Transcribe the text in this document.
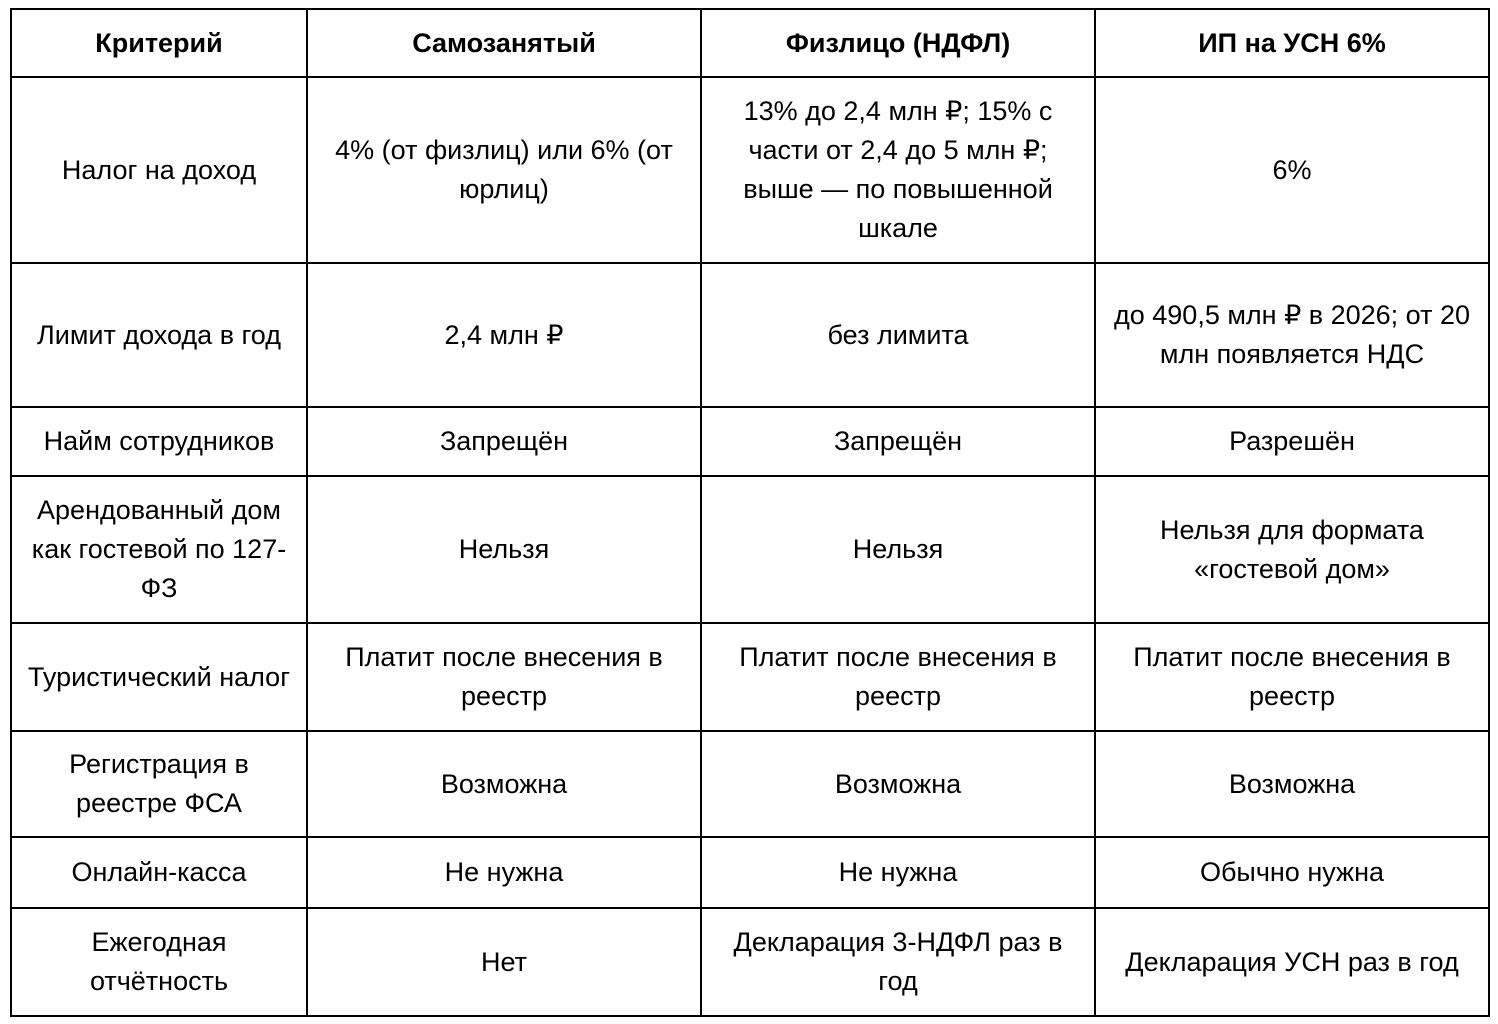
Критерий	Самозанятый	Физлицо (НДФЛ)	ИП на УСН 6%
Налог на доход	4% (от физлиц) или 6% (от юрлиц)	13% до 2,4 млн ₽; 15% с части от 2,4 до 5 млн ₽; выше — по повышенной шкале	6%
Лимит дохода в год	2,4 млн ₽	без лимита	до 490,5 млн ₽ в 2026; от 20 млн появляется НДС
Найм сотрудников	Запрещён	Запрещён	Разрешён
Арендованный дом как гостевой по 127-ФЗ	Нельзя	Нельзя	Нельзя для формата «гостевой дом»
Туристический налог	Платит после внесения в реестр	Платит после внесения в реестр	Платит после внесения в реестр
Регистрация в реестре ФСА	Возможна	Возможна	Возможна
Онлайн-касса	Не нужна	Не нужна	Обычно нужна
Ежегодная отчётность	Нет	Декларация 3-НДФЛ раз в год	Декларация УСН раз в год
